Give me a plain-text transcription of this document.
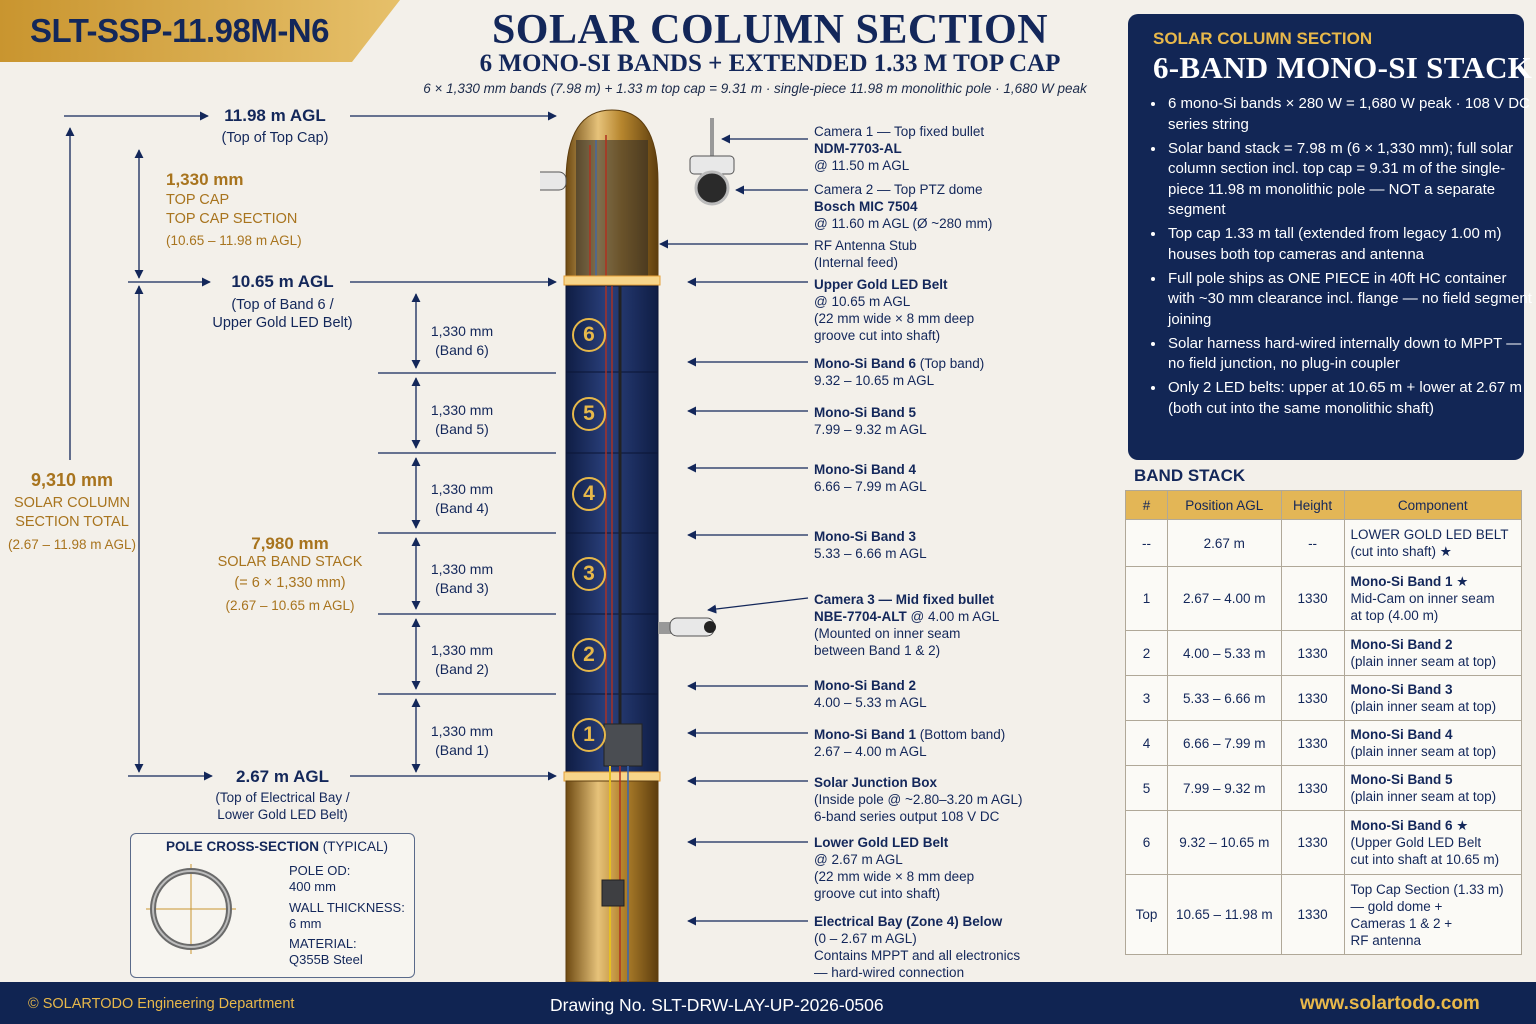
SLT-SSP-11.98M-N6	SOLAR COLUMN SECTION
6 MONO-SI BANDS + EXTENDED 1.33 M TOP CAP
6 × 1,330 mm bands (7.98 m) + 1.33 m top cap = 9.31 m · single-piece 11.98 m monolithic pole · 1,680 W peak
6
5
4
3
2
1
11.98 m AGL
(Top of Top Cap)
10.65 m AGL
(Top of Band 6 /
Upper Gold LED Belt)
2.67 m AGL
(Top of Electrical Bay /
Lower Gold LED Belt)
1,330 mm
TOP CAP
TOP CAP SECTION
(10.65 – 11.98 m AGL)
9,310 mm
SOLAR COLUMN
SECTION TOTAL
(2.67 – 11.98 m AGL)	7,980 mm
SOLAR BAND STACK
(= 6 × 1,330 mm)
(2.67 – 10.65 m AGL)
1,330 mm
(Band 6)
1,330 mm
(Band 5)
1,330 mm
(Band 4)
1,330 mm
(Band 3)
1,330 mm
(Band 2)
1,330 mm
(Band 1)
Camera 1 — Top fixed bullet
NDM-7703-AL
@ 11.50 m AGL
Camera 2 — Top PTZ dome
Bosch MIC 7504
@ 11.60 m AGL (Ø ~280 mm)
RF Antenna Stub
(Internal feed)
Upper Gold LED Belt
@ 10.65 m AGL
(22 mm wide × 8 mm deep
groove cut into shaft)
Mono-Si Band 6 (Top band)
9.32 – 10.65 m AGL
Mono-Si Band 5
7.99 – 9.32 m AGL
Mono-Si Band 4
6.66 – 7.99 m AGL
Mono-Si Band 3
5.33 – 6.66 m AGL
Camera 3 — Mid fixed bullet
NBE-7704-ALT @ 4.00 m AGL
(Mounted on inner seam
between Band 1 & 2)
Mono-Si Band 2
4.00 – 5.33 m AGL
Mono-Si Band 1 (Bottom band)
2.67 – 4.00 m AGL
Solar Junction Box
(Inside pole @ ~2.80–3.20 m AGL)
6-band series output 108 V DC
Lower Gold LED Belt
@ 2.67 m AGL
(22 mm wide × 8 mm deep
groove cut into shaft)
Electrical Bay (Zone 4) Below
(0 – 2.67 m AGL)
Contains MPPT and all electronics
— hard-wired connection
SOLAR COLUMN SECTION
6-BAND MONO-SI STACK
• 6 mono-Si bands × 280 W = 1,680 W peak · 108 V DC series string
• Solar band stack = 7.98 m (6 × 1,330 mm); full solar column section incl. top cap = 9.31 m of the single-piece 11.98 m monolithic pole — NOT a separate segment
• Top cap 1.33 m tall (extended from legacy 1.00 m) houses both top cameras and antenna
• Full pole ships as ONE PIECE in 40ft HC container with ~30 mm clearance incl. flange — no field segment joining
• Solar harness hard-wired internally down to MPPT — no field junction, no plug-in coupler
• Only 2 LED belts: upper at 10.65 m + lower at 2.67 m (both cut into the same monolithic shaft)
BAND STACK
#	Position AGL	Height	Component
--	2.67 m	--	LOWER GOLD LED BELT
(cut into shaft) ★

1	2.67 – 4.00 m	1330	Mono-Si Band 1 ★
Mid-Cam on inner seam
at top (4.00 m)

2	4.00 – 5.33 m	1330	Mono-Si Band 2
(plain inner seam at top)

3	5.33 – 6.66 m	1330	Mono-Si Band 3
(plain inner seam at top)

4	6.66 – 7.99 m	1330	Mono-Si Band 4
(plain inner seam at top)

5	7.99 – 9.32 m	1330	Mono-Si Band 5
(plain inner seam at top)

6	9.32 – 10.65 m	1330	Mono-Si Band 6 ★
(Upper Gold LED Belt
cut into shaft at 10.65 m)

Top	10.65 – 11.98 m	1330	Top Cap Section (1.33 m)
— gold dome +
Cameras 1 & 2 +
RF antenna
POLE CROSS-SECTION (TYPICAL)
POLE OD:
400 mm
WALL THICKNESS:
6 mm
MATERIAL:
Q355B Steel
© SOLARTODO Engineering Department	Drawing No. SLT-DRW-LAY-UP-2026-0506	www.solartodo.com
